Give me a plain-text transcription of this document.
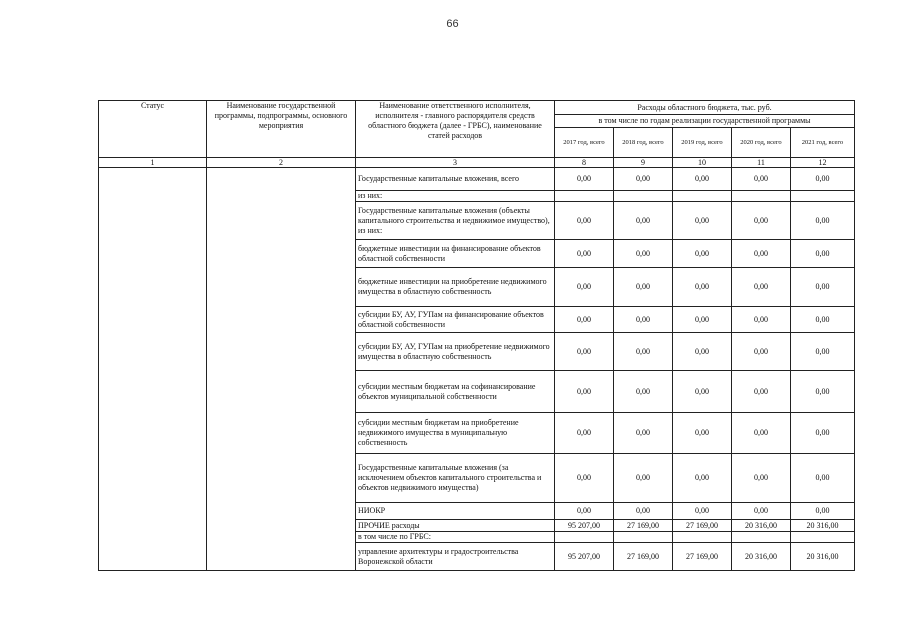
66
Статус	Наименование государственной программы, подпрограммы, основного мероприятия	Наименование ответственного исполнителя, исполнителя - главного распорядителя средств областного бюджета (далее - ГРБС), наименование статей расходов	Расходы областного бюджета, тыс. руб.				
			в том числе по годам реализации государственной программы				
			2017 год, всего	2018 год, всего	2019 год, всего	2020 год, всего	2021 год, всего
1	2	3	8	9	10	11	12
		Государственные капитальные вложения, всего	0,00	0,00	0,00	0,00	0,00
		из них:					
		Государственные капитальные вложения (объекты капитального строительства и недвижимое имущество), из них:	0,00	0,00	0,00	0,00	0,00
		бюджетные инвестиции на финансирование объектов областной собственности	0,00	0,00	0,00	0,00	0,00
		бюджетные инвестиции на приобретение недвижимого имущества в областную собственность	0,00	0,00	0,00	0,00	0,00
		субсидии БУ, АУ, ГУПам на финансирование объектов областной собственности	0,00	0,00	0,00	0,00	0,00
		субсидии БУ, АУ, ГУПам на приобретение недвижимого имущества в областную собственность	0,00	0,00	0,00	0,00	0,00
		субсидии местным бюджетам на софинансирование объектов муниципальной собственности	0,00	0,00	0,00	0,00	0,00
		субсидии местным бюджетам на приобретение недвижимого имущества в муниципальную собственность	0,00	0,00	0,00	0,00	0,00
		Государственные капитальные вложения (за исключением объектов капитального строительства и объектов недвижимого имущества)	0,00	0,00	0,00	0,00	0,00
		НИОКР	0,00	0,00	0,00	0,00	0,00
		ПРОЧИЕ расходы	95 207,00	27 169,00	27 169,00	20 316,00	20 316,00
		в том числе по ГРБС:					
		управление архитектуры и градостроительства Воронежской области	95 207,00	27 169,00	27 169,00	20 316,00	20 316,00
